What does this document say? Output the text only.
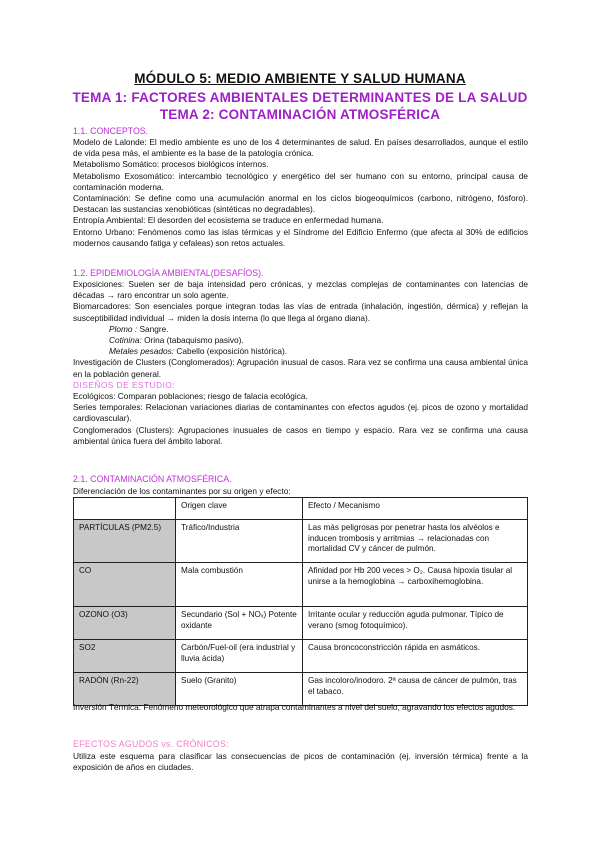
MÓDULO 5: MEDIO AMBIENTE Y SALUD HUMANA
TEMA 1: FACTORES AMBIENTALES DETERMINANTES DE LA SALUD
TEMA 2: CONTAMINACIÓN ATMOSFÉRICA
1.1. CONCEPTOS.

Modelo de Lalonde: El medio ambiente es uno de los 4 determinantes de salud. En países desarrollados, aunque el estilo de vida pesa más, el ambiente es la base de la patología crónica.

Metabolismo Somático: procesos biológicos internos.

Metabolismo Exosomático: intercambio tecnológico y energético del ser humano con su entorno, principal causa de contaminación moderna.

Contaminación: Se define como una acumulación anormal en los ciclos biogeoquímicos (carbono, nitrógeno, fósforo). Destacan las sustancias xenobióticas (sintéticas no degradables).

Entropía Ambiental: El desorden del ecosistema se traduce en enfermedad humana.

Entorno Urbano: Fenómenos como las islas térmicas y el Síndrome del Edificio Enfermo (que afecta al 30% de edificios modernos causando fatiga y cefaleas) son retos actuales.

1.2. EPIDEMIOLOGÍA AMBIENTAL(DESAFÍOS).

Exposiciones: Suelen ser de baja intensidad pero crónicas, y mezclas complejas de contaminantes con latencias de décadas → raro encontrar un solo agente.

Biomarcadores: Son esenciales porque integran todas las vías de entrada (inhalación, ingestión, dérmica) y reflejan la susceptibilidad individual → miden la dosis interna (lo que llega al órgano diana).

Plomo : Sangre.

Cotinina: Orina (tabaquismo pasivo).

Metales pesados: Cabello (exposición histórica).

Investigación de Clusters (Conglomerados): Agrupación inusual de casos. Rara vez se confirma una causa ambiental única en la población general.

DISEÑOS DE ESTUDIO:

Ecológicos: Comparan poblaciones; riesgo de falacia ecológica.

Series temporales: Relacionan variaciones diarias de contaminantes con efectos agudos (ej. picos de ozono y mortalidad cardiovascular).

Conglomerados (Clusters): Agrupaciones inusuales de casos en tiempo y espacio. Rara vez se confirma una causa ambiental única fuera del ámbito laboral.

2.1. CONTAMINACIÓN ATMOSFÉRICA.
Diferenciación de los contaminantes por su origen y efecto:
	Origen clave	Efecto / Mecanismo
PARTÍCULAS (PM2.5)	Tráfico/Industria	Las más peligrosas por penetrar hasta los alvéolos e inducen trombosis y arritmias → relacionadas con mortalidad CV y cáncer de pulmón.
CO	Mala combustión	Afinidad por Hb 200 veces > O₂. Causa hipoxia tisular al unirse a la hemoglobina → carboxihemoglobina.
OZONO (O3)	Secundario (Sol + NOₓ) Potente oxidante	Irritante ocular y reducción aguda pulmonar. Típico de verano (smog fotoquímico).
SO2	Carbón/Fuel-oil (era industrial y lluvia ácida)	Causa broncoconstricción rápida en asmáticos.
RADÓN (Rn-22)	Suelo (Granito)	Gas incoloro/inodoro. 2ª causa de cáncer de pulmón, tras el tabaco.
Inversión Térmica: Fenómeno meteorológico que atrapa contaminantes a nivel del suelo, agravando los efectos agudos.
EFECTOS AGUDOS vs. CRÓNICOS:
Utiliza este esquema para clasificar las consecuencias de picos de contaminación (ej. inversión térmica) frente a la exposición de años en ciudades.
